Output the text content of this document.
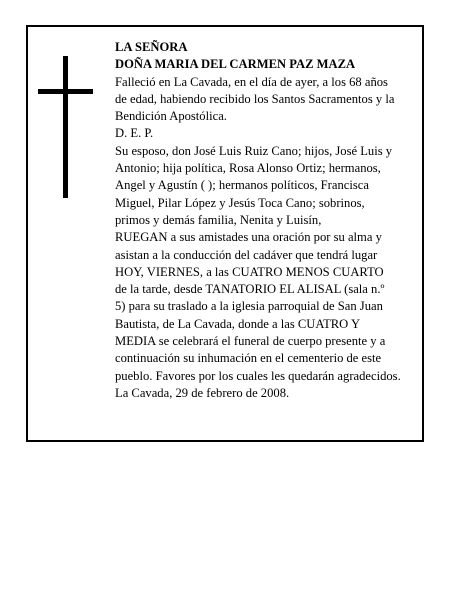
LA SEÑORA
DOÑA MARIA DEL CARMEN PAZ MAZA
Falleció en La Cavada, en el día de ayer, a los 68 años
de edad, habiendo recibido los Santos Sacramentos y la
Bendición Apostólica.
D. E. P.
Su esposo, don José Luis Ruiz Cano; hijos, José Luis y
Antonio; hija política, Rosa Alonso Ortiz; hermanos,
Angel y Agustín ( ); hermanos políticos, Francisca
Miguel, Pilar López y Jesús Toca Cano; sobrinos,
primos y demás familia, Nenita y Luisín,
RUEGAN a sus amistades una oración por su alma y
asistan a la conducción del cadáver que tendrá lugar
HOY, VIERNES, a las CUATRO MENOS CUARTO
de la tarde, desde TANATORIO EL ALISAL (sala n.º
5) para su traslado a la iglesia parroquial de San Juan
Bautista, de La Cavada, donde a las CUATRO Y
MEDIA se celebrará el funeral de cuerpo presente y a
continuación su inhumación en el cementerio de este
pueblo. Favores por los cuales les quedarán agradecidos.
La Cavada, 29 de febrero de 2008.
